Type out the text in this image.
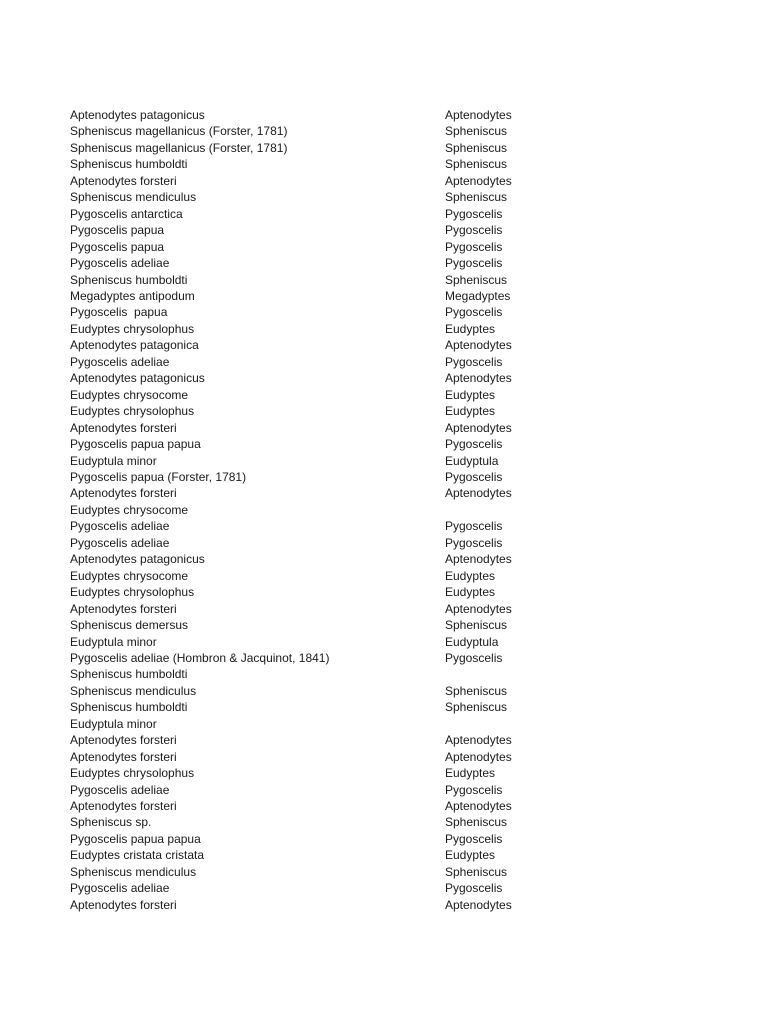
Aptenodytes patagonicus	Aptenodytes
Spheniscus magellanicus (Forster, 1781)	Spheniscus
Spheniscus magellanicus (Forster, 1781)	Spheniscus
Spheniscus humboldti	Spheniscus
Aptenodytes forsteri	Aptenodytes
Spheniscus mendiculus	Spheniscus
Pygoscelis antarctica	Pygoscelis
Pygoscelis papua	Pygoscelis
Pygoscelis papua	Pygoscelis
Pygoscelis adeliae	Pygoscelis
Spheniscus humboldti	Spheniscus
Megadyptes antipodum	Megadyptes
Pygoscelis  papua	Pygoscelis
Eudyptes chrysolophus	Eudyptes
Aptenodytes patagonica	Aptenodytes
Pygoscelis adeliae	Pygoscelis
Aptenodytes patagonicus	Aptenodytes
Eudyptes chrysocome	Eudyptes
Eudyptes chrysolophus	Eudyptes
Aptenodytes forsteri	Aptenodytes
Pygoscelis papua papua	Pygoscelis
Eudyptula minor	Eudyptula
Pygoscelis papua (Forster, 1781)	Pygoscelis
Aptenodytes forsteri	Aptenodytes
Eudyptes chrysocome
Pygoscelis adeliae	Pygoscelis
Pygoscelis adeliae	Pygoscelis
Aptenodytes patagonicus	Aptenodytes
Eudyptes chrysocome	Eudyptes
Eudyptes chrysolophus	Eudyptes
Aptenodytes forsteri	Aptenodytes
Spheniscus demersus	Spheniscus
Eudyptula minor	Eudyptula
Pygoscelis adeliae (Hombron & Jacquinot, 1841)	Pygoscelis
Spheniscus humboldti
Spheniscus mendiculus	Spheniscus
Spheniscus humboldti	Spheniscus
Eudyptula minor
Aptenodytes forsteri	Aptenodytes
Aptenodytes forsteri	Aptenodytes
Eudyptes chrysolophus	Eudyptes
Pygoscelis adeliae	Pygoscelis
Aptenodytes forsteri	Aptenodytes
Spheniscus sp.	Spheniscus
Pygoscelis papua papua	Pygoscelis
Eudyptes cristata cristata	Eudyptes
Spheniscus mendiculus	Spheniscus
Pygoscelis adeliae	Pygoscelis
Aptenodytes forsteri	Aptenodytes
